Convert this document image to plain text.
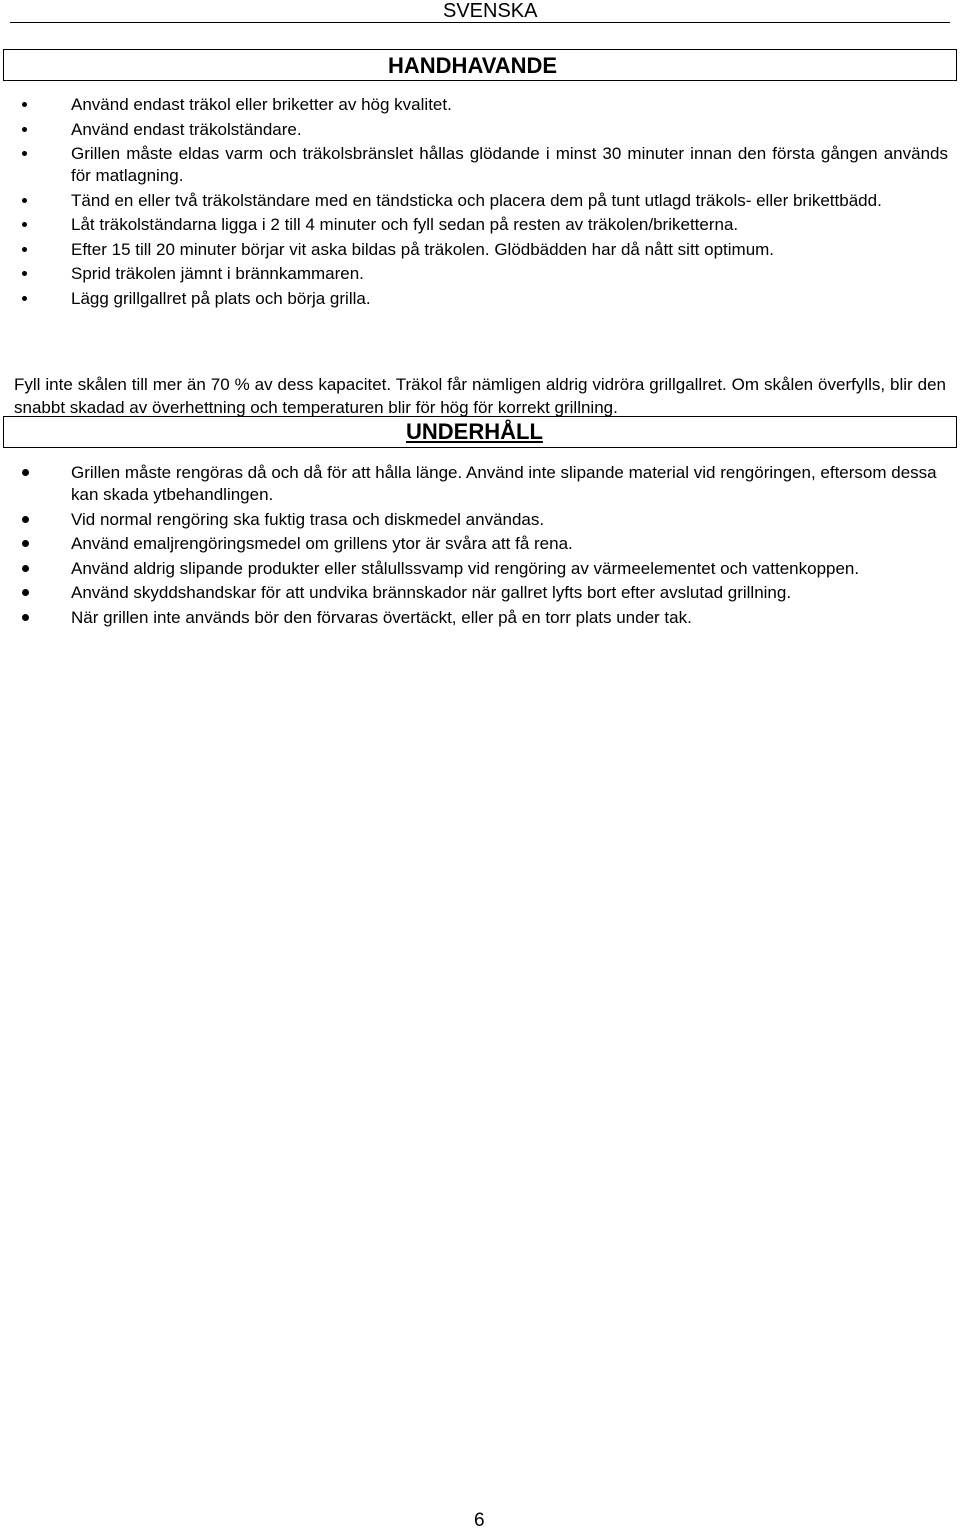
SVENSKA
HANDHAVANDE
Använd endast träkol eller briketter av hög kvalitet.
Använd endast träkolständare.
Grillen måste eldas varm och träkolsbränslet hållas glödande i minst 30 minuter innan den första gången används för matlagning.
Tänd en eller två träkolständare med en tändsticka och placera dem på tunt utlagd träkols- eller brikettbädd.
Låt träkolständarna ligga i 2 till 4 minuter och fyll sedan på resten av träkolen/briketterna.
Efter 15 till 20 minuter börjar vit aska bildas på träkolen. Glödbädden har då nått sitt optimum.
Sprid träkolen jämnt i brännkammaren.
Lägg grillgallret på plats och börja grilla.

Fyll inte skålen till mer än 70 % av dess kapacitet. Träkol får nämligen aldrig vidröra grillgallret. Om skålen överfylls, blir den snabbt skadad av överhettning och temperaturen blir för hög för korrekt grillning.

UNDERHÅLL
Grillen måste rengöras då och då för att hålla länge. Använd inte slipande material vid rengöringen, eftersom dessa kan skada ytbehandlingen.
Vid normal rengöring ska fuktig trasa och diskmedel användas.
Använd emaljrengöringsmedel om grillens ytor är svåra att få rena.
Använd aldrig slipande produkter eller stålullssvamp vid rengöring av värmeelementet och vattenkoppen.
Använd skyddshandskar för att undvika brännskador när gallret lyfts bort efter avslutad grillning.
När grillen inte används bör den förvaras övertäckt, eller på en torr plats under tak.
6
